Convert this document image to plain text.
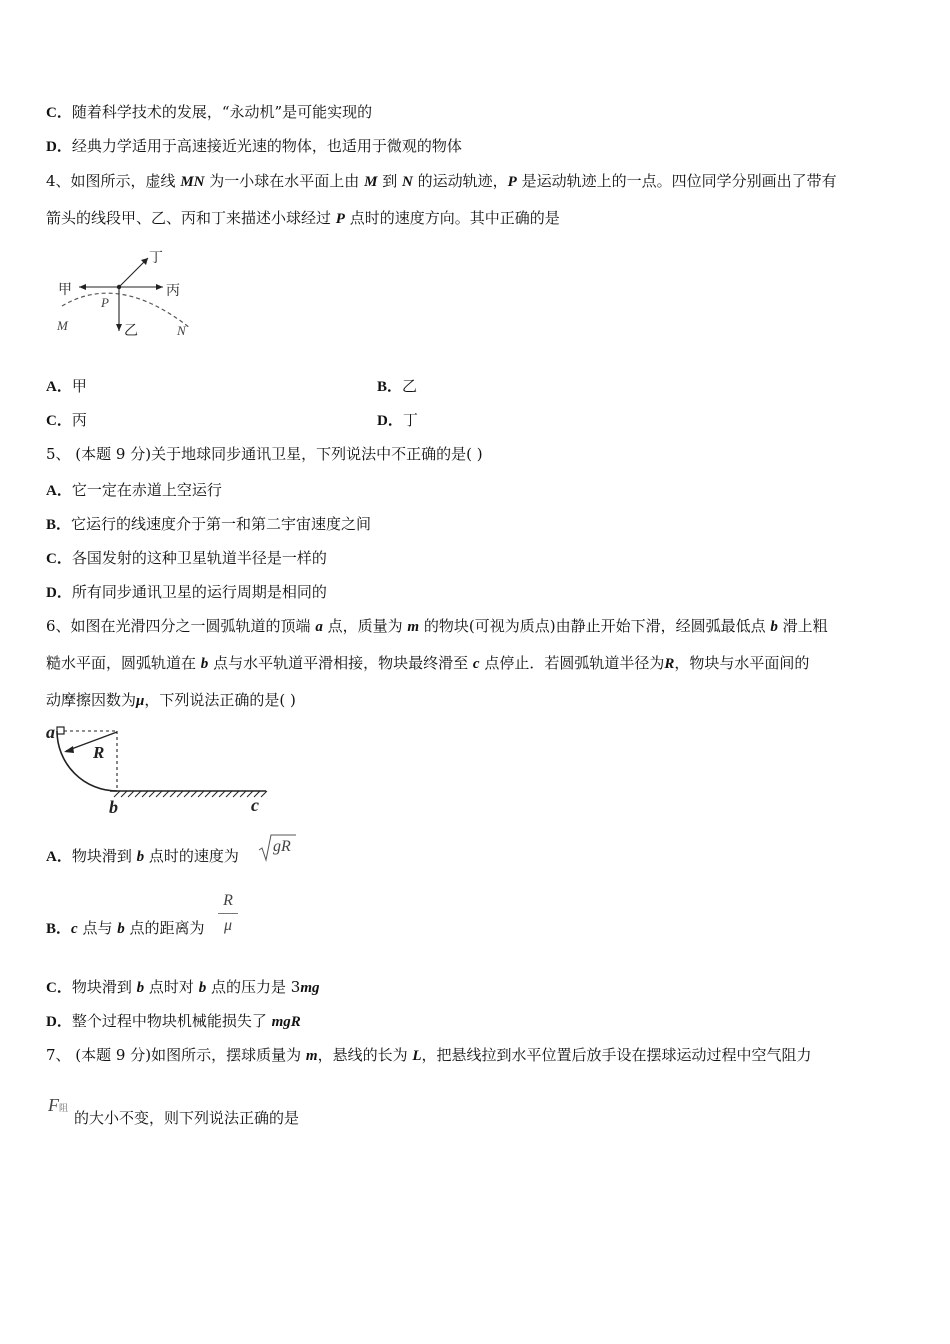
C．随着科学技术的发展，“永动机”是可能实现的
D．经典力学适用于高速接近光速的物体，也适用于微观的物体
4、如图所示，虚线 MN 为一小球在水平面上由 M 到 N 的运动轨迹，P 是运动轨迹上的一点。四位同学分别画出了带有
箭头的线段甲、乙、丙和丁来描述小球经过 P 点时的速度方向。其中正确的是
甲	丙
乙
丁
P
M	N
A．甲	B．乙
C．丙	D．丁
5、 (本题 9 分)关于地球同步通讯卫星，下列说法中不正确的是( )
A．它一定在赤道上空运行
B．它运行的线速度介于第一和第二宇宙速度之间
C．各国发射的这种卫星轨道半径是一样的
D．所有同步通讯卫星的运行周期是相同的
6、如图在光滑四分之一圆弧轨道的顶端 a 点，质量为 m 的物块(可视为质点)由静止开始下滑，经圆弧最低点 b 滑上粗
糙水平面，圆弧轨道在 b 点与水平轨道平滑相接，物块最终滑至 c 点停止．若圆弧轨道半径为R，物块与水平面间的
动摩擦因数为μ，下列说法正确的是( )
a
R
b	c
A．物块滑到 b 点时的速度为
gR
B．c 点与 b 点的距离为
R
μ
C．物块滑到 b 点时对 b 点的压力是 3mg
D．整个过程中物块机械能损失了 mgR
7、 (本题 9 分)如图所示，摆球质量为 m，悬线的长为 L，把悬线拉到水平位置后放手设在摆球运动过程中空气阻力
F阻 的大小不变，则下列说法正确的是
